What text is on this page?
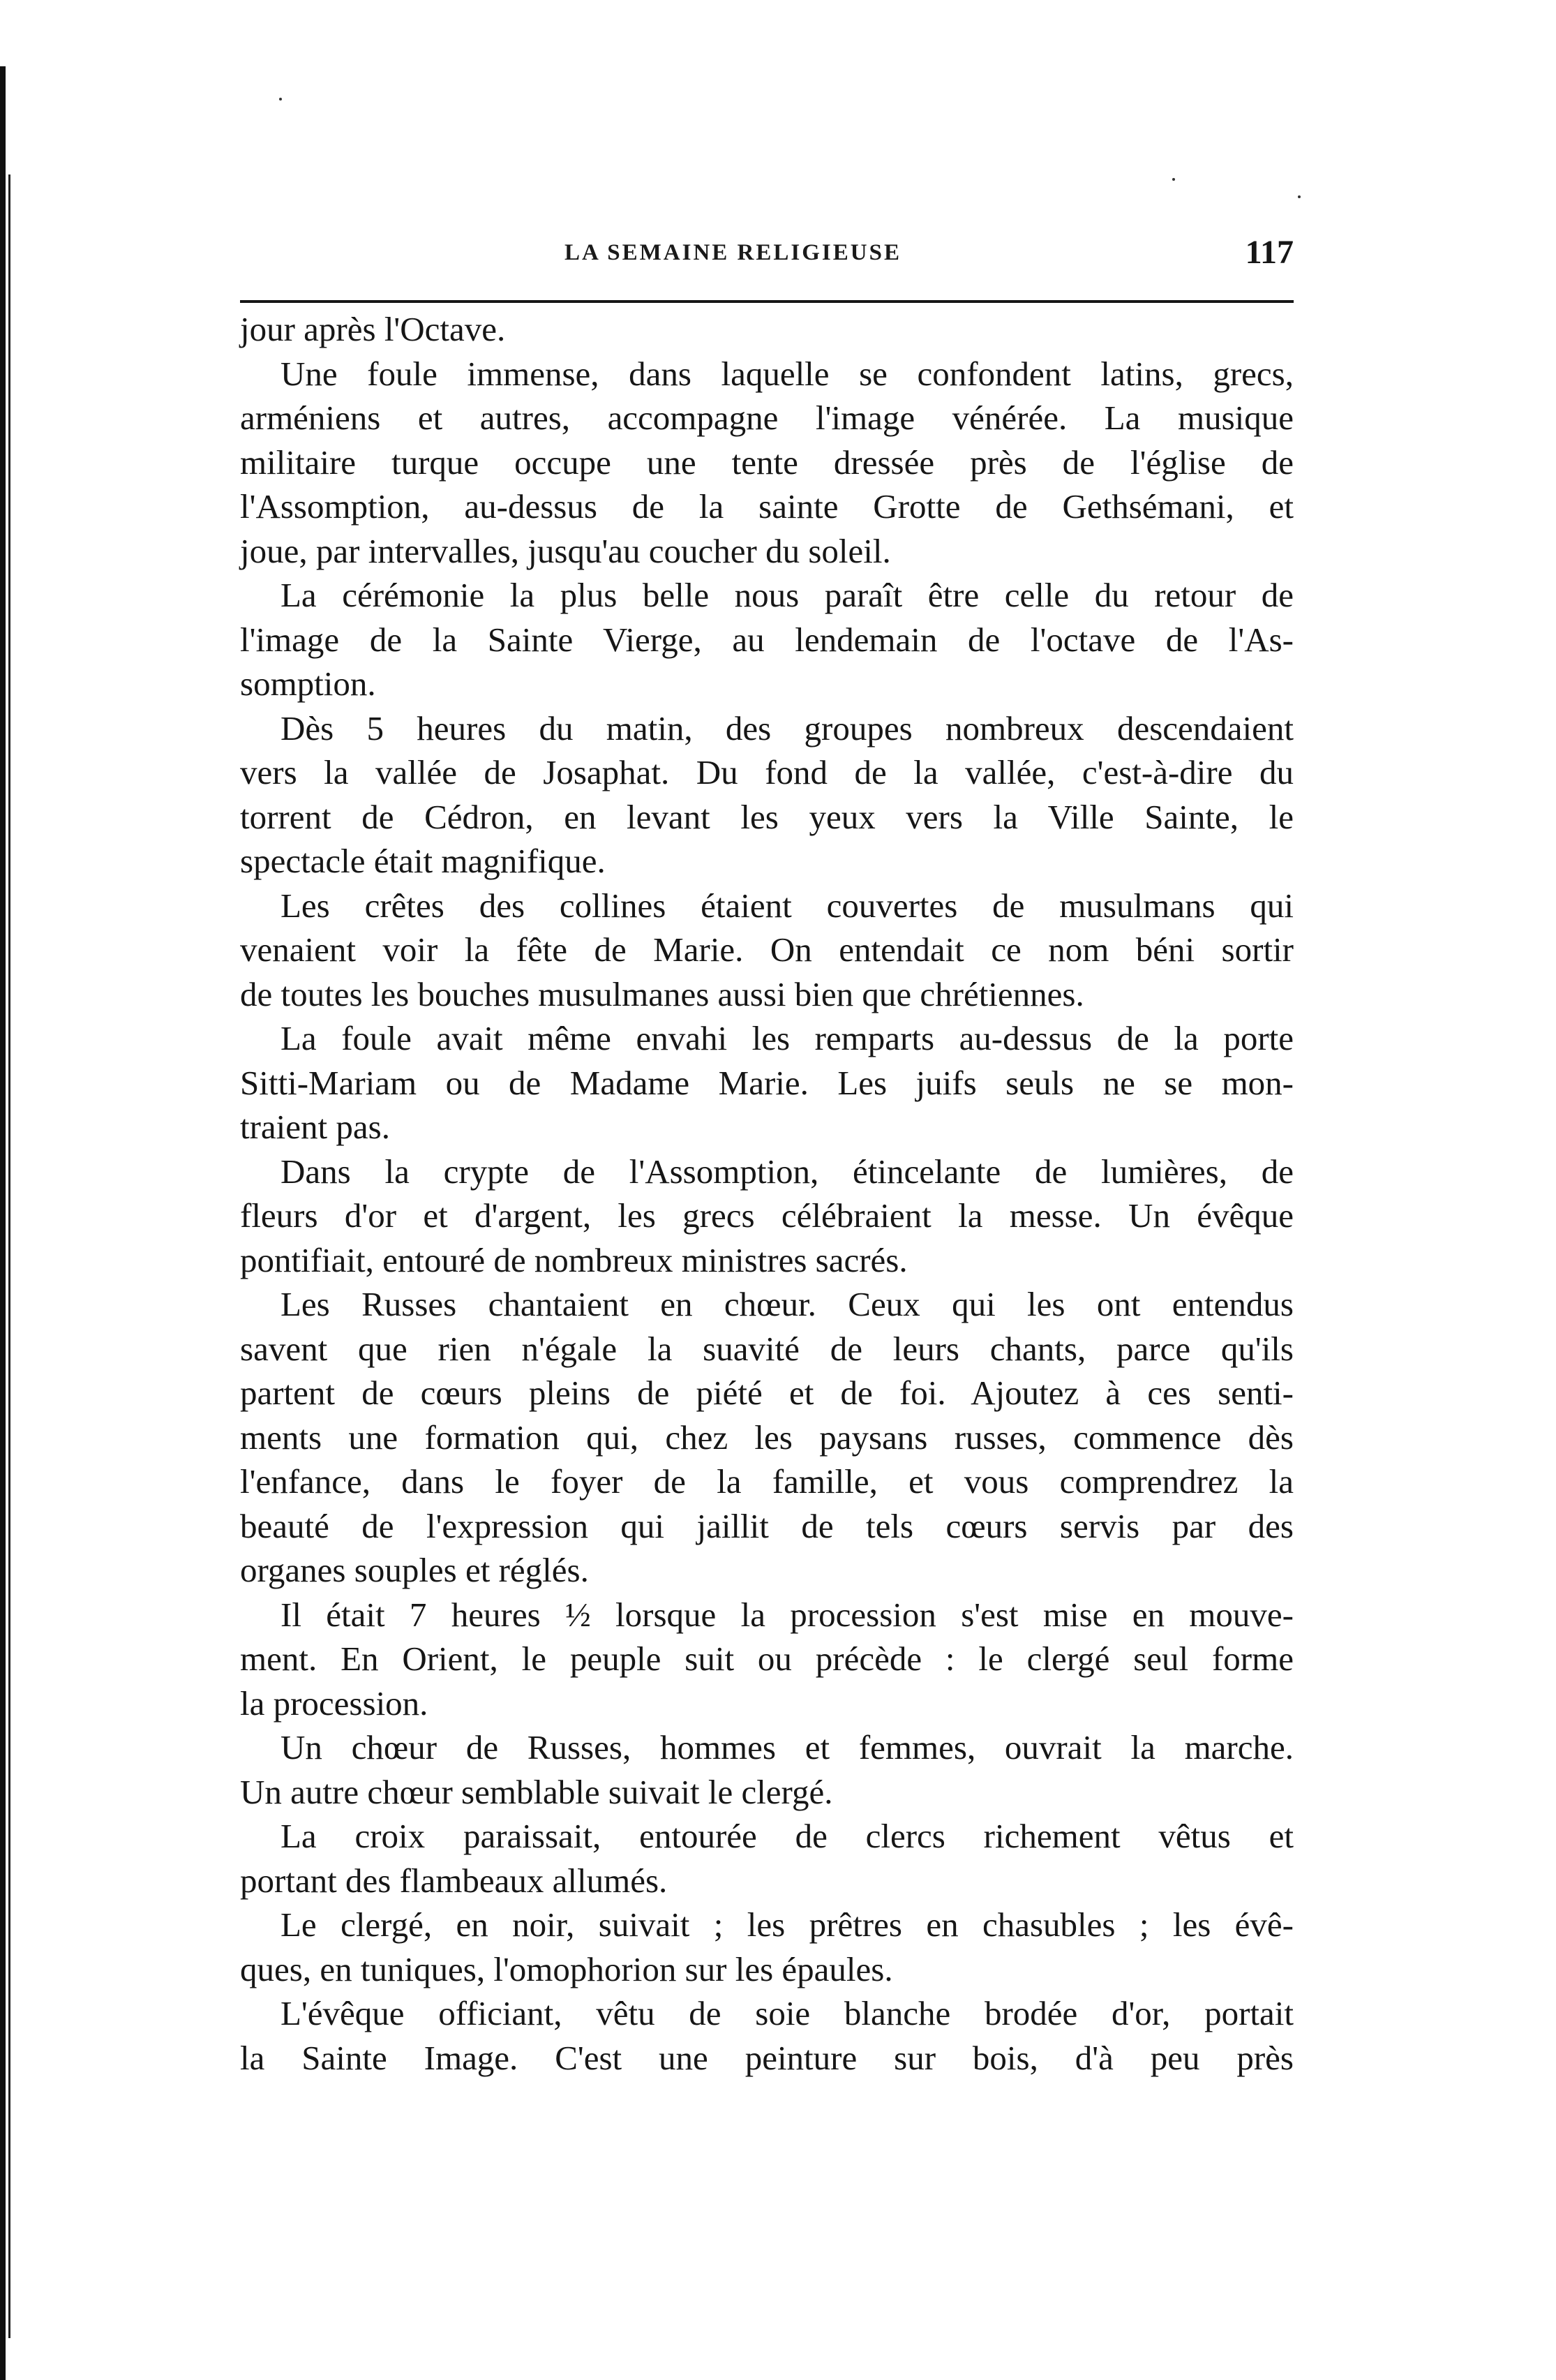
LA SEMAINE RELIGIEUSE	117
jour après l'Octave.
Une foule immense, dans laquelle se confondent latins, grecs,
arméniens et autres, accompagne l'image vénérée. La musique
militaire turque occupe une tente dressée près de l'église de
l'Assomption, au-dessus de la sainte Grotte de Gethsémani, et
joue, par intervalles, jusqu'au coucher du soleil.
La cérémonie la plus belle nous paraît être celle du retour de
l'image de la Sainte Vierge, au lendemain de l'octave de l'As-
somption.
Dès 5 heures du matin, des groupes nombreux descendaient
vers la vallée de Josaphat. Du fond de la vallée, c'est-à-dire du
torrent de Cédron, en levant les yeux vers la Ville Sainte, le
spectacle était magnifique.
Les crêtes des collines étaient couvertes de musulmans qui
venaient voir la fête de Marie. On entendait ce nom béni sortir
de toutes les bouches musulmanes aussi bien que chrétiennes.
La foule avait même envahi les remparts au-dessus de la porte
Sitti-Mariam ou de Madame Marie. Les juifs seuls ne se mon-
traient pas.
Dans la crypte de l'Assomption, étincelante de lumières, de
fleurs d'or et d'argent, les grecs célébraient la messe. Un évêque
pontifiait, entouré de nombreux ministres sacrés.
Les Russes chantaient en chœur. Ceux qui les ont entendus
savent que rien n'égale la suavité de leurs chants, parce qu'ils
partent de cœurs pleins de piété et de foi. Ajoutez à ces senti-
ments une formation qui, chez les paysans russes, commence dès
l'enfance, dans le foyer de la famille, et vous comprendrez la
beauté de l'expression qui jaillit de tels cœurs servis par des
organes souples et réglés.
Il était 7 heures ½ lorsque la procession s'est mise en mouve-
ment. En Orient, le peuple suit ou précède : le clergé seul forme
la procession.
Un chœur de Russes, hommes et femmes, ouvrait la marche.
Un autre chœur semblable suivait le clergé.
La croix paraissait, entourée de clercs richement vêtus et
portant des flambeaux allumés.
Le clergé, en noir, suivait ; les prêtres en chasubles ; les évê-
ques, en tuniques, l'omophorion sur les épaules.
L'évêque officiant, vêtu de soie blanche brodée d'or, portait
la Sainte Image. C'est une peinture sur bois, d'à peu près
